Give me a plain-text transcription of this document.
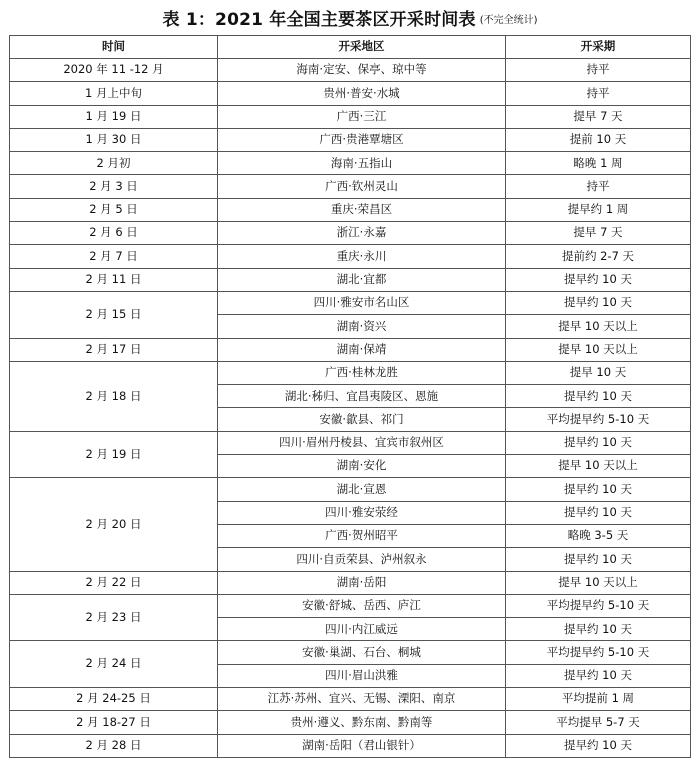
表 1：2021 年全国主要茶区开采时间表 (不完全统计)
时间	开采地区	开采期
2020 年 11 -12 月	海南·定安、保亭、琼中等	持平
1 月上中旬	贵州·普安·水城	持平
1 月 19 日	广西·三江	提早 7 天
1 月 30 日	广西·贵港覃塘区	提前 10 天
2 月初	海南·五指山	略晚 1 周
2 月 3 日	广西·钦州灵山	持平
2 月 5 日	重庆·荣昌区	提早约 1 周
2 月 6 日	浙江·永嘉	提早 7 天
2 月 7 日	重庆·永川	提前约 2-7 天
2 月 11 日	湖北·宜都	提早约 10 天
2 月 15 日	四川·雅安市名山区	提早约 10 天
	湖南·资兴	提早 10 天以上
2 月 17 日	湖南·保靖	提早 10 天以上
2 月 18 日	广西·桂林龙胜	提早 10 天
	湖北·秭归、宜昌夷陵区、恩施	提早约 10 天
	安徽·歙县、祁门	平均提早约 5-10 天
2 月 19 日	四川·眉州丹棱县、宜宾市叙州区	提早约 10 天
	湖南·安化	提早 10 天以上
2 月 20 日	湖北·宣恩	提早约 10 天
	四川·雅安荥经	提早约 10 天
	广西·贺州昭平	略晚 3-5 天
	四川·自贡荣县、泸州叙永	提早约 10 天
2 月 22 日	湖南·岳阳	提早 10 天以上
2 月 23 日	安徽·舒城、岳西、庐江	平均提早约 5-10 天
	四川·内江威远	提早约 10 天
2 月 24 日	安徽·巢湖、石台、桐城	平均提早约 5-10 天
	四川·眉山洪雅	提早约 10 天
2 月 24-25 日	江苏·苏州、宜兴、无锡、溧阳、南京	平均提前 1 周
2 月 18-27 日	贵州·遵义、黔东南、黔南等	平均提早 5-7 天
2 月 28 日	湖南·岳阳（君山银针）	提早约 10 天
